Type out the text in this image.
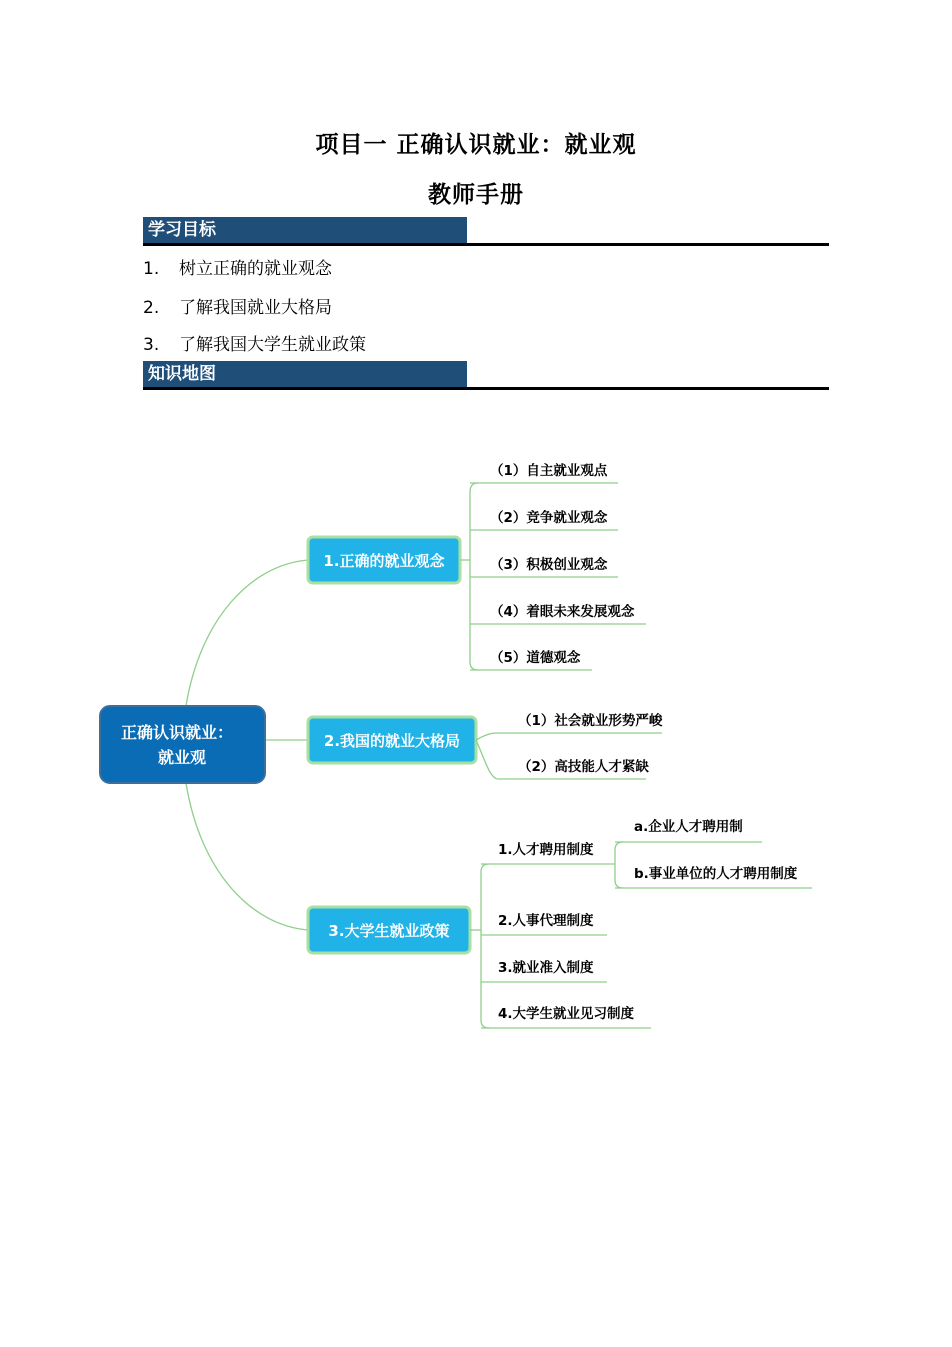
项目一 正确认识就业：就业观
教师手册
学习目标
1. 树立正确的就业观念
2. 了解我国就业大格局
3. 了解我国大学生就业政策
知识地图
正确认识就业：
就业观
1.正确的就业观念
2.我国的就业大格局
3.大学生就业政策
（1）自主就业观点
（2）竞争就业观念
（3）积极创业观念
（4）着眼未来发展观念
（5）道德观念
（1）社会就业形势严峻
（2）高技能人才紧缺
1.人才聘用制度
2.人事代理制度
3.就业准入制度
4.大学生就业见习制度
a.企业人才聘用制
b.事业单位的人才聘用制度
